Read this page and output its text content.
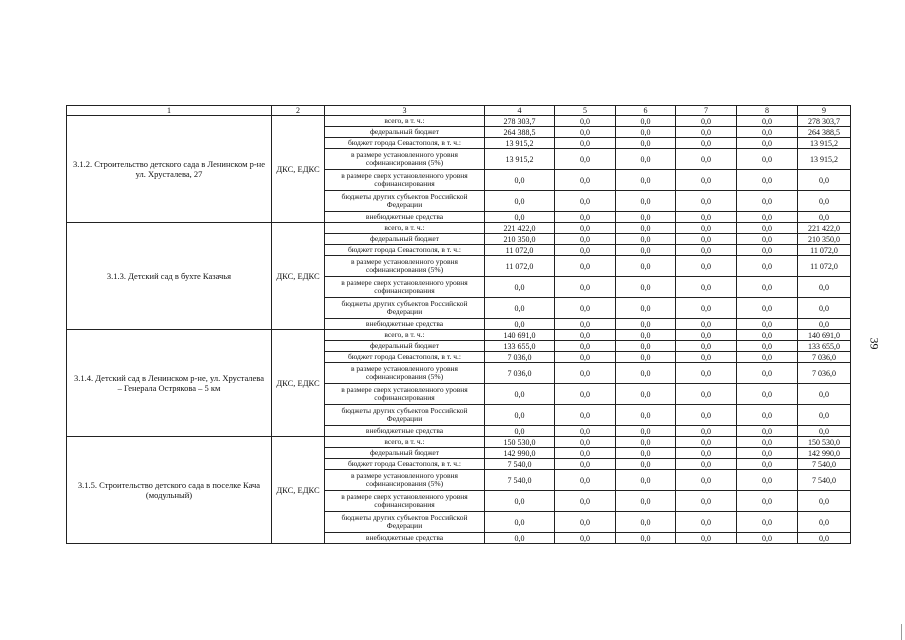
1	2	3	4	5	6	7	8	9
3.1.2. Строительство детского сада в Ленинском р-не ул. Хрусталева, 27	ДКС, ЕДКС	всего, в т. ч.:	278 303,7	0,0	0,0	0,0	0,0	278 303,7
		федеральный бюджет	264 388,5	0,0	0,0	0,0	0,0	264 388,5
		бюджет города Севастополя, в т. ч.:	13 915,2	0,0	0,0	0,0	0,0	13 915,2
		в размере установленного уровня софинансирования (5%)	13 915,2	0,0	0,0	0,0	0,0	13 915,2
		в размере сверх установленного уровня софинансирования	0,0	0,0	0,0	0,0	0,0	0,0
		бюджеты других субъектов Российской Федерации	0,0	0,0	0,0	0,0	0,0	0,0
		внебюджетные средства	0,0	0,0	0,0	0,0	0,0	0,0
3.1.3. Детский сад в бухте Казачья	ДКС, ЕДКС	всего, в т. ч.:	221 422,0	0,0	0,0	0,0	0,0	221 422,0
		федеральный бюджет	210 350,0	0,0	0,0	0,0	0,0	210 350,0
		бюджет города Севастополя, в т. ч.:	11 072,0	0,0	0,0	0,0	0,0	11 072,0
		в размере установленного уровня софинансирования (5%)	11 072,0	0,0	0,0	0,0	0,0	11 072,0
		в размере сверх установленного уровня софинансирования	0,0	0,0	0,0	0,0	0,0	0,0
		бюджеты других субъектов Российской Федерации	0,0	0,0	0,0	0,0	0,0	0,0
		внебюджетные средства	0,0	0,0	0,0	0,0	0,0	0,0
3.1.4. Детский сад в Ленинском р-не, ул. Хрусталева – Генерала Острякова – 5 км	ДКС, ЕДКС	всего, в т. ч.:	140 691,0	0,0	0,0	0,0	0,0	140 691,0
		федеральный бюджет	133 655,0	0,0	0,0	0,0	0,0	133 655,0
		бюджет города Севастополя, в т. ч.:	7 036,0	0,0	0,0	0,0	0,0	7 036,0
		в размере установленного уровня софинансирования (5%)	7 036,0	0,0	0,0	0,0	0,0	7 036,0
		в размере сверх установленного уровня софинансирования	0,0	0,0	0,0	0,0	0,0	0,0
		бюджеты других субъектов Российской Федерации	0,0	0,0	0,0	0,0	0,0	0,0
		внебюджетные средства	0,0	0,0	0,0	0,0	0,0	0,0
3.1.5. Строительство детского сада в поселке Кача (модульный)	ДКС, ЕДКС	всего, в т. ч.:	150 530,0	0,0	0,0	0,0	0,0	150 530,0
		федеральный бюджет	142 990,0	0,0	0,0	0,0	0,0	142 990,0
		бюджет города Севастополя, в т. ч.:	7 540,0	0,0	0,0	0,0	0,0	7 540,0
		в размере установленного уровня софинансирования (5%)	7 540,0	0,0	0,0	0,0	0,0	7 540,0
		в размере сверх установленного уровня софинансирования	0,0	0,0	0,0	0,0	0,0	0,0
		бюджеты других субъектов Российской Федерации	0,0	0,0	0,0	0,0	0,0	0,0
		внебюджетные средства	0,0	0,0	0,0	0,0	0,0	0,0
39
